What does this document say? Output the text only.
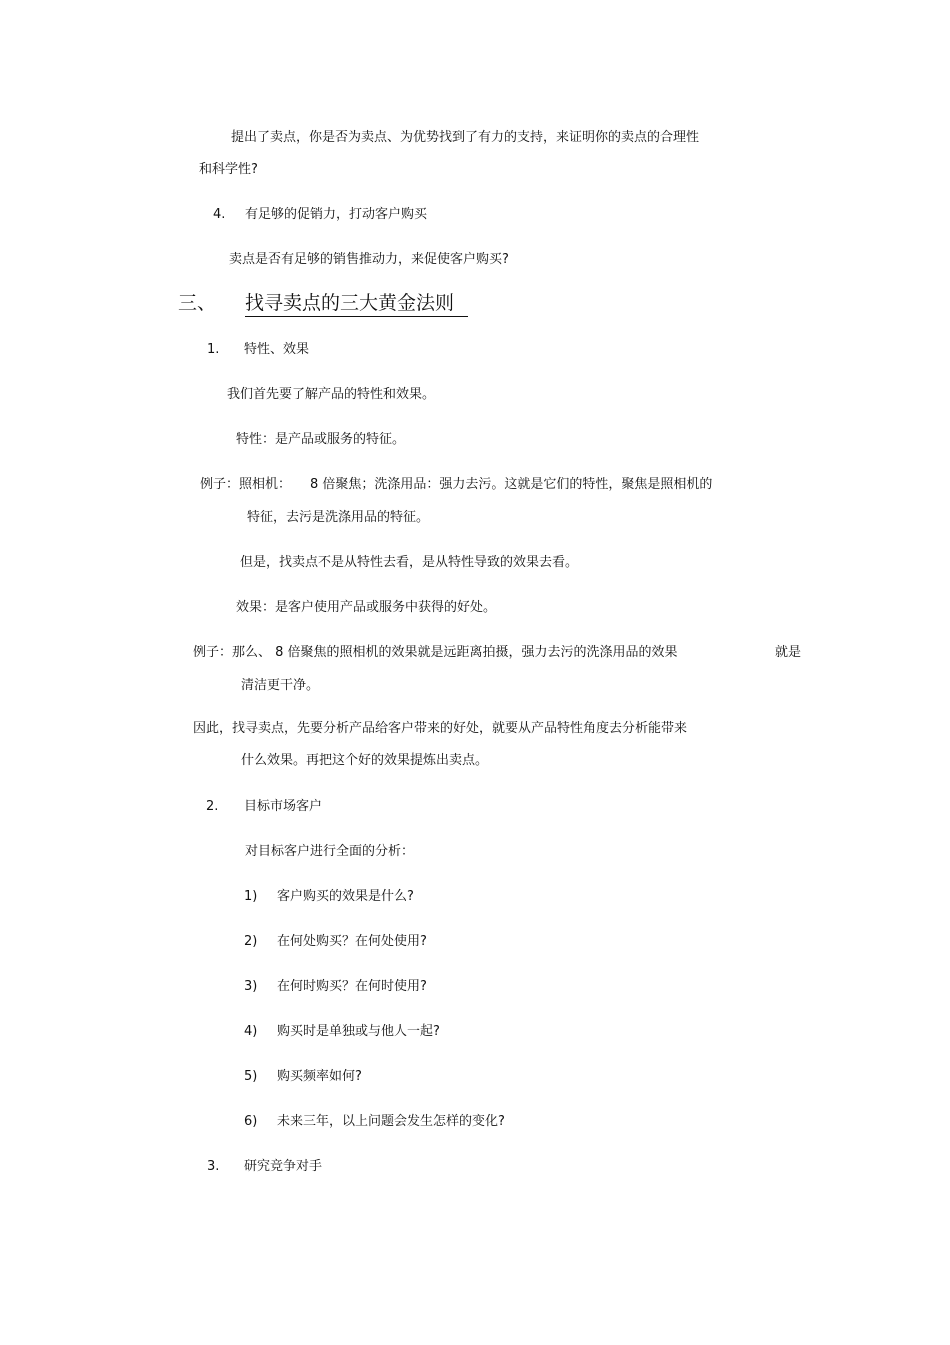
提出了卖点，你是否为卖点、为优势找到了有力的支持，来证明你的卖点的合理性
和科学性?
4. 有足够的促销力，打动客户购买
卖点是否有足够的销售推动力，来促使客户购买?
三、 找寻卖点的三大黄金法则
1. 特性、效果
我们首先要了解产品的特性和效果。
特性：是产品或服务的特征。
例子：照相机： 8 倍聚焦；洗涤用品：强力去污。这就是它们的特性，聚焦是照相机的
特征，去污是洗涤用品的特征。
但是，找卖点不是从特性去看，是从特性导致的效果去看。
效果：是客户使用产品或服务中获得的好处。
例子：那么、 8 倍聚焦的照相机的效果就是远距离拍摄，强力去污的洗涤用品的效果	就是
清洁更干净。
因此，找寻卖点，先要分析产品给客户带来的好处，就要从产品特性角度去分析能带来
什么效果。再把这个好的效果提炼出卖点。
2. 目标市场客户
对目标客户进行全面的分析：
1) 客户购买的效果是什么?
2) 在何处购买？在何处使用?
3) 在何时购买？在何时使用?
4) 购买时是单独或与他人一起?
5) 购买频率如何?
6) 未来三年，以上问题会发生怎样的变化?
3. 研究竞争对手
